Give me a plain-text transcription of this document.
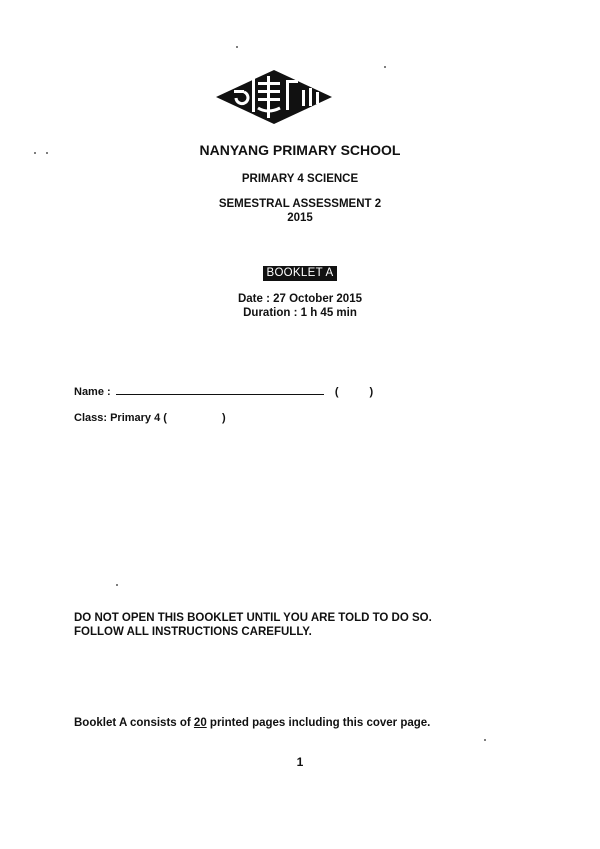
NANYANG PRIMARY SCHOOL
PRIMARY 4 SCIENCE
SEMESTRAL ASSESSMENT 2
2015
BOOKLET A
Date : 27 October 2015
Duration : 1 h 45 min
Name :	(	)
Class: Primary 4 (	)
DO NOT OPEN THIS BOOKLET UNTIL YOU ARE TOLD TO DO SO.
FOLLOW ALL INSTRUCTIONS CAREFULLY.
Booklet A consists of 20 printed pages including this cover page.
1
